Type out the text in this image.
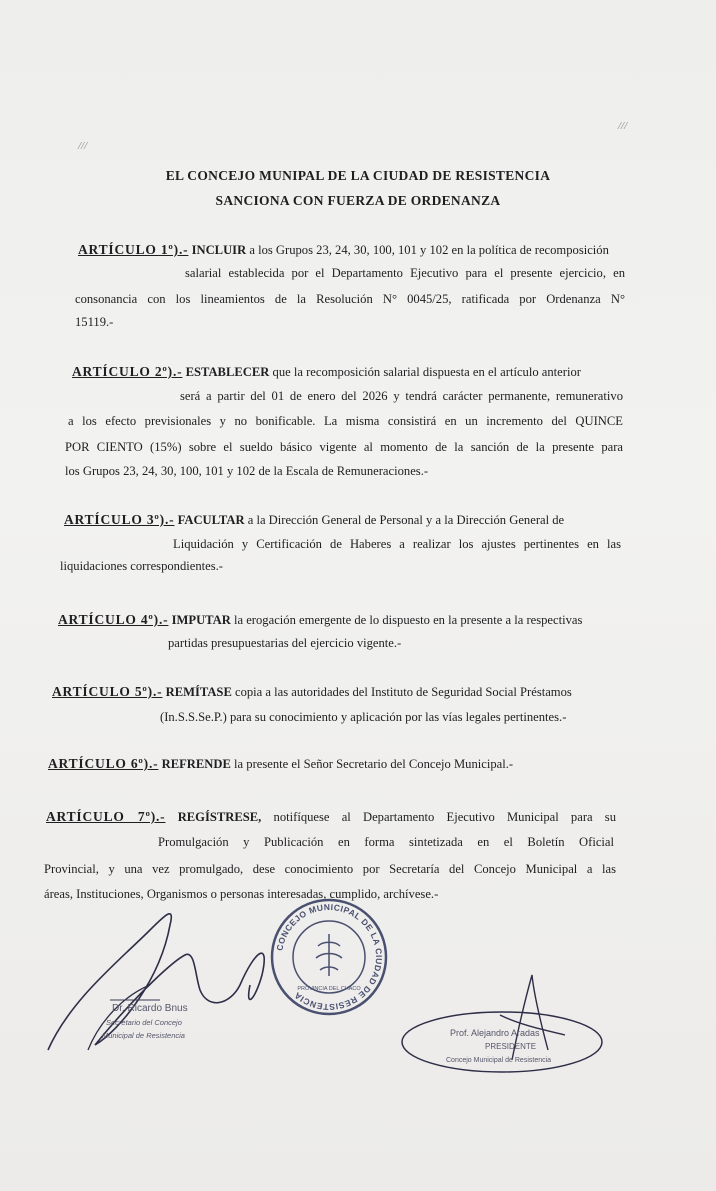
///
///
EL CONCEJO MUNIPAL DE LA CIUDAD DE RESISTENCIA
SANCIONA CON FUERZA DE ORDENANZA
ARTÍCULO 1º).- INCLUIR a los Grupos 23, 24, 30, 100, 101 y 102 en la política de recomposición
salarial establecida por el Departamento Ejecutivo para el presente ejercicio, en
consonancia con los lineamientos de la Resolución N° 0045/25, ratificada por Ordenanza N°
15119.-
ARTÍCULO 2º).- ESTABLECER que la recomposición salarial dispuesta en el artículo anterior
será a partir del 01 de enero del 2026 y tendrá carácter permanente, remunerativo
a los efecto previsionales y no bonificable. La misma consistirá en un incremento del QUINCE
POR CIENTO (15%) sobre el sueldo básico vigente al momento de la sanción de la presente para
los Grupos 23, 24, 30, 100, 101 y 102 de la Escala de Remuneraciones.-
ARTÍCULO 3º).- FACULTAR a la Dirección General de Personal y a la Dirección General de
Liquidación y Certificación de Haberes a realizar los ajustes pertinentes en las
liquidaciones correspondientes.-
ARTÍCULO 4º).- IMPUTAR la erogación emergente de lo dispuesto en la presente a la respectivas
partidas presupuestarias del ejercicio vigente.-
ARTÍCULO 5º).- REMÍTASE copia a las autoridades del Instituto de Seguridad Social Préstamos
(In.S.S.Se.P.) para su conocimiento y aplicación por las vías legales pertinentes.-
ARTÍCULO 6º).- REFRENDE la presente el Señor Secretario del Concejo Municipal.-
ARTÍCULO 7º).- REGÍSTRESE, notifíquese al Departamento Ejecutivo Municipal para su
Promulgación y Publicación en forma sintetizada en el Boletín Oficial
Provincial, y una vez promulgado, dese conocimiento por Secretaría del Concejo Municipal a las
áreas, Instituciones, Organismos o personas interesadas, cumplido, archívese.-
CONCEJO MUNICIPAL DE LA CIUDAD DE RESISTENCIA
PROVINCIA DEL CHACO
Dr. Ricardo Bnus
Secretario del Concejo
Municipal de Resistencia	Prof. Alejandro Aradas
PRESIDENTE
Concejo Municipal de Resistencia
